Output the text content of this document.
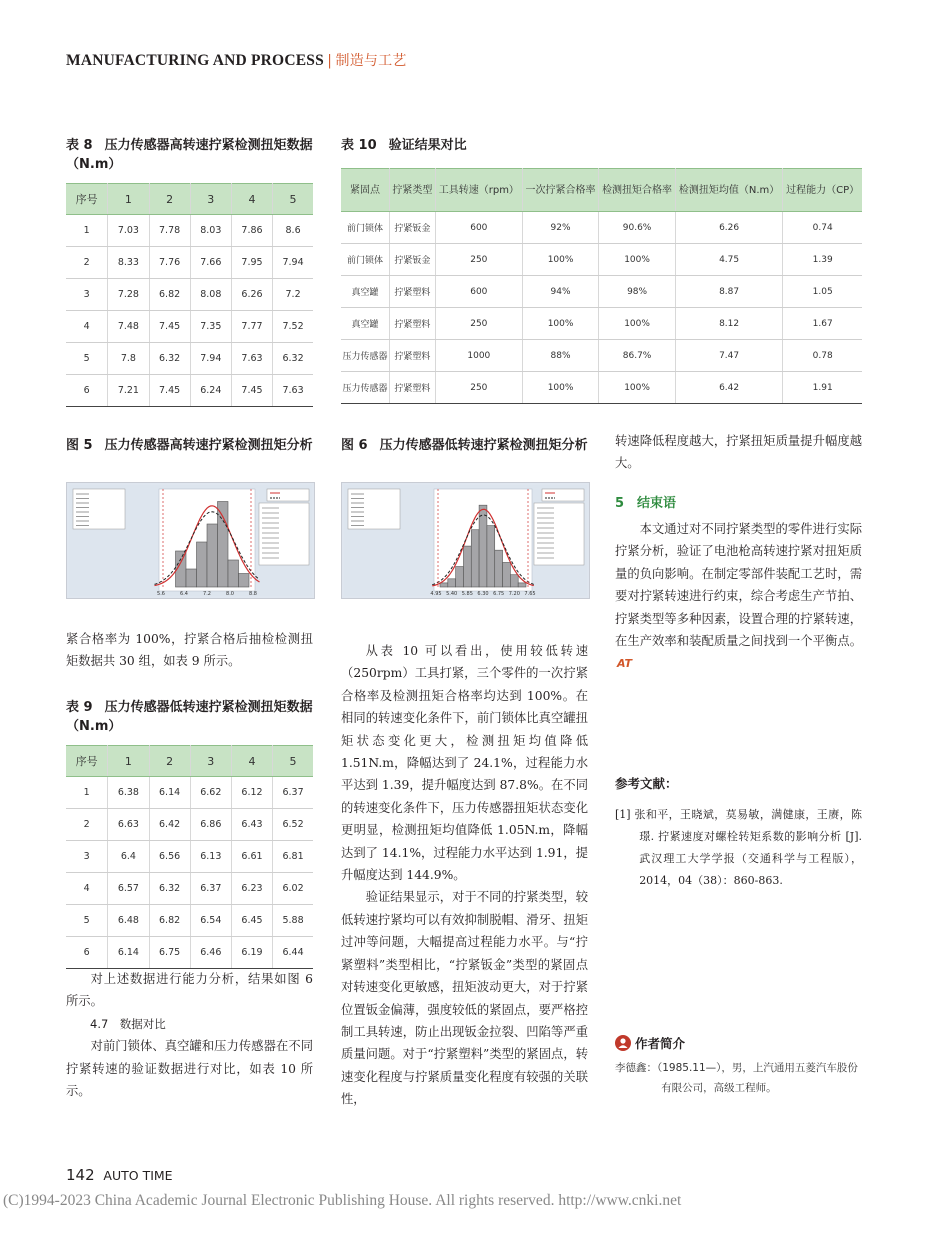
MANUFACTURING AND PROCESS | 制造与工艺
表 8 压力传感器高转速拧紧检测扭矩数据（N.m）
序号	1	2	3	4	5
1	7.03	7.78	8.03	7.86	8.6
2	8.33	7.76	7.66	7.95	7.94
3	7.28	6.82	8.08	6.26	7.2
4	7.48	7.45	7.35	7.77	7.52
5	7.8	6.32	7.94	7.63	6.32
6	7.21	7.45	6.24	7.45	7.63
表 10 验证结果对比
紧固点	拧紧类型	工具转速（rpm）	一次拧紧合格率	检测扭矩合格率	检测扭矩均值（N.m）	过程能力（CP）
前门锁体	拧紧钣金	600	92%	90.6%	6.26	0.74
前门锁体	拧紧钣金	250	100%	100%	4.75	1.39
真空罐	拧紧塑料	600	94%	98%	8.87	1.05
真空罐	拧紧塑料	250	100%	100%	8.12	1.67
压力传感器	拧紧塑料	1000	88%	86.7%	7.47	0.78
压力传感器	拧紧塑料	250	100%	100%	6.42	1.91
图 5 压力传感器高转速拧紧检测扭矩分析
5.6	6.4	7.2	8.0	8.8
图 6 压力传感器低转速拧紧检测扭矩分析
4.95 5.40 5.85 6.30 6.75 7.20 7.65

紧合格率为 100%，拧紧合格后抽检检测扭矩数据共 30 组，如表 9 所示。

表 9 压力传感器低转速拧紧检测扭矩数据（N.m）
序号	1	2	3	4	5
1	6.38	6.14	6.62	6.12	6.37
2	6.63	6.42	6.86	6.43	6.52
3	6.4	6.56	6.13	6.61	6.81
4	6.57	6.32	6.37	6.23	6.02
5	6.48	6.82	6.54	6.45	5.88
6	6.14	6.75	6.46	6.19	6.44

对上述数据进行能力分析，结果如图 6 所示。

4.7　数据对比

对前门锁体、真空罐和压力传感器在不同拧紧转速的验证数据进行对比，如表 10 所示。

从表 10 可以看出，使用较低转速（250rpm）工具打紧，三个零件的一次拧紧合格率及检测扭矩合格率均达到 100%。在相同的转速变化条件下，前门锁体比真空罐扭矩状态变化更大，检测扭矩均值降低 1.51N.m，降幅达到了 24.1%，过程能力水平达到 1.39，提升幅度达到 87.8%。在不同的转速变化条件下，压力传感器扭矩状态变化更明显，检测扭矩均值降低 1.05N.m，降幅达到了 14.1%，过程能力水平达到 1.91，提升幅度达到 144.9%。

验证结果显示，对于不同的拧紧类型，较低转速拧紧均可以有效抑制脱帽、滑牙、扭矩过冲等问题，大幅提高过程能力水平。与“拧紧塑料”类型相比，“拧紧钣金”类型的紧固点对转速变化更敏感，扭矩波动更大，对于拧紧位置钣金偏薄，强度较低的紧固点，要严格控制工具转速，防止出现钣金拉裂、凹陷等严重质量问题。对于“拧紧塑料”类型的紧固点，转速变化程度与拧紧质量变化程度有较强的关联性，

转速降低程度越大，拧紧扭矩质量提升幅度越大。

5　结束语

本文通过对不同拧紧类型的零件进行实际拧紧分析，验证了电池枪高转速拧紧对扭矩质量的负向影响。在制定零部件装配工艺时，需要对拧紧转速进行约束，综合考虑生产节拍、拧紧类型等多种因素，设置合理的拧紧转速，在生产效率和装配质量之间找到一个平衡点。AT

参考文献：

[1] 张和平，王晓斌，莫易敏，满健康，王赓，陈璟. 拧紧速度对螺栓转矩系数的影响分析 [J]. 武汉理工大学学报（交通科学与工程版），2014，04（38）：860-863.

作者简介

李德鑫：（1985.11—），男，上汽通用五菱汽车股份有限公司，高级工程师。

142 AUTO TIME
(C)1994-2023 China Academic Journal Electronic Publishing House. All rights reserved. http://www.cnki.net
